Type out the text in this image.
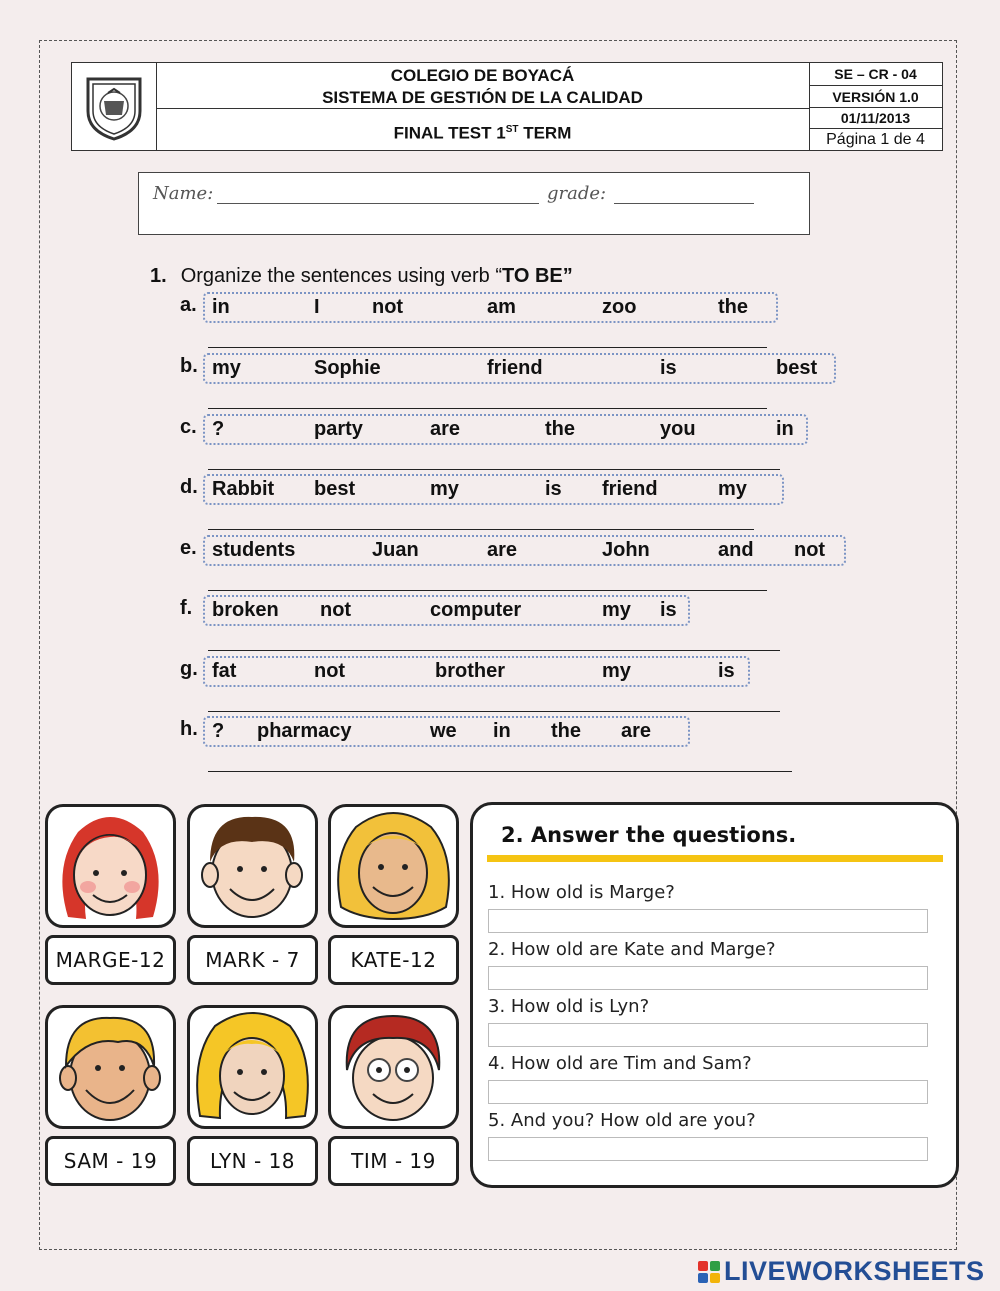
COLEGIO DE BOYACÁ
SISTEMA DE GESTIÓN DE LA CALIDAD
FINAL TEST 1ST TERM
SE – CR - 04
VERSIÓN 1.0
01/11/2013
Página 1 de 4
Name:	grade:
1. Organize the sentences using verb “TO BE”
a. in	I	not	am	zoo	the
b. my	Sophie	friend	is	best
c. ?	party	are	the	you	in
d. Rabbit best	my	is friend	my
e. students	Juan	are	John	and not
f. broken not	computer	my is
g. fat	not	brother	my	is
h. ? pharmacy	we in the are
MARGE-12	MARK - 7	KATE-12
SAM - 19	LYN - 18	TIM - 19
2. Answer the questions.
1. How old is Marge?
2. How old are Kate and Marge?
3. How old is Lyn?
4. How old are Tim and Sam?
5. And you? How old are you?
LIVEWORKSHEETS
